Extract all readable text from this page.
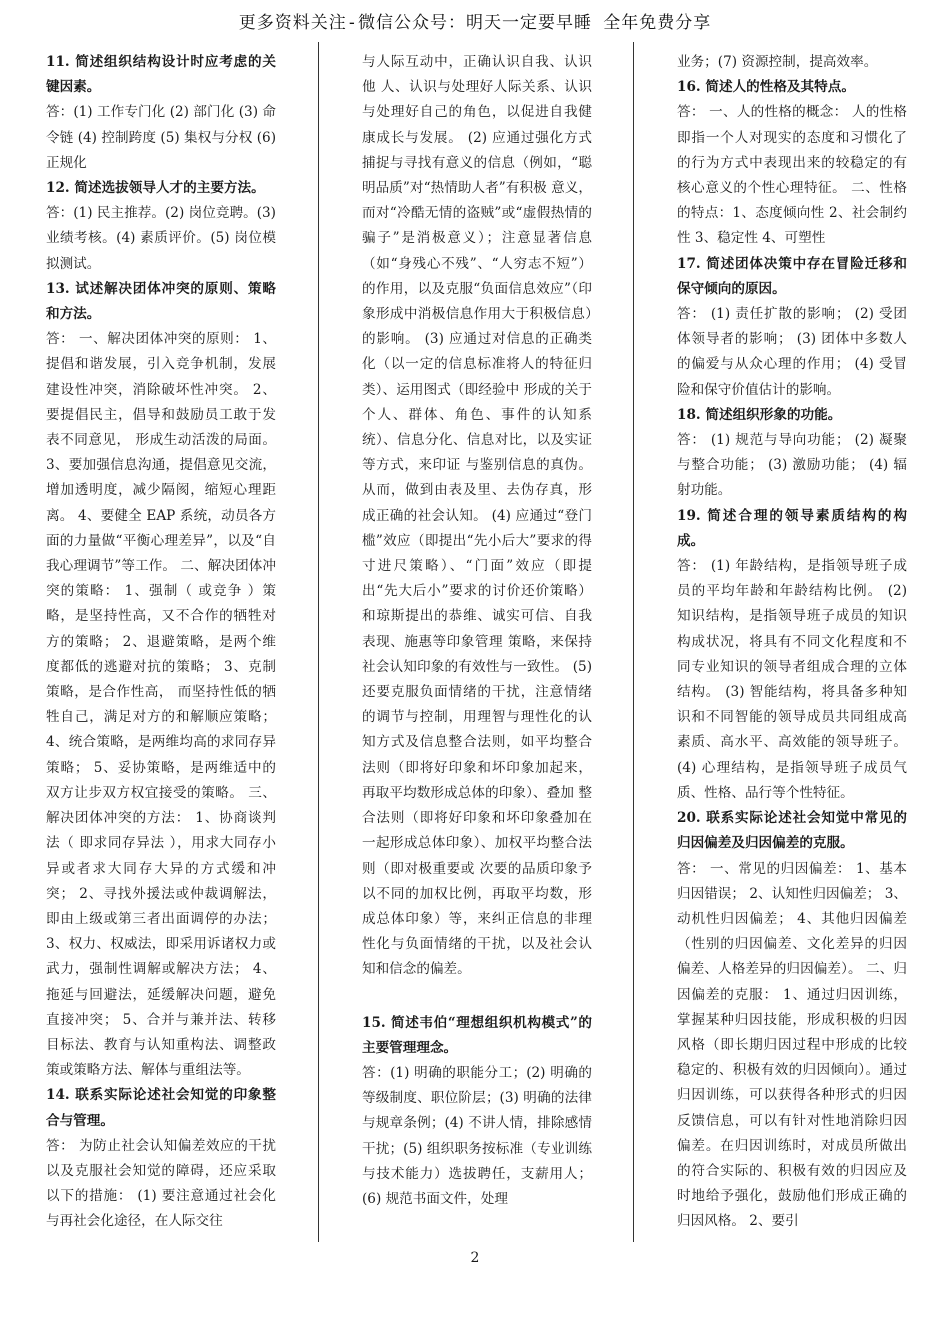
更多资料关注-微信公众号：明天一定要早睡 全年免费分享

11. 简述组织结构设计时应考虑的关键因素。

答：(1) 工作专门化 (2) 部门化 (3) 命令链 (4) 控制跨度 (5) 集权与分权 (6) 正规化

12. 简述选拔领导人才的主要方法。

答：(1) 民主推荐。(2) 岗位竞聘。(3) 业绩考核。(4) 素质评价。(5) 岗位模拟测试。

13. 试述解决团体冲突的原则、策略和方法。

答： 一、解决团体冲突的原则： 1、提倡和谐发展，引入竞争机制，发展建设性冲突，消除破坏性冲突。 2、要提倡民主，倡导和鼓励员工敢于发表不同意见， 形成生动活泼的局面。 3、要加强信息沟通，提倡意见交流，增加透明度，减少隔阂，缩短心理距离。 4、要健全 EAP 系统，动员各方面的力量做“平衡心理差异”，以及“自我心理调节”等工作。 二、解决团体冲突的策略： 1、强制（ 或竞争 ）策略，是坚持性高，又不合作的牺牲对方的策略； 2、退避策略，是两个维度都低的逃避对抗的策略； 3、克制策略，是合作性高， 而坚持性低的牺牲自己，满足对方的和解顺应策略；4、统合策略，是两维均高的求同存异策略； 5、妥协策略，是两维适中的双方让步双方权宜接受的策略。 三、解决团体冲突的方法： 1、协商谈判法（ 即求同存异法 ），用求大同存小异或者求大同存大异的方式缓和冲突； 2、寻找外援法或仲裁调解法，即由上级或第三者出面调停的办法； 3、权力、权威法，即采用诉诸权力或武力，强制性调解或解决方法； 4、拖延与回避法，延缓解决问题，避免直接冲突； 5、合并与兼并法、转移目标法、教育与认知重构法、调整政策或策略方法、解体与重组法等。

14. 联系实际论述社会知觉的印象整合与管理。

答： 为防止社会认知偏差效应的干扰以及克服社会知觉的障碍，还应采取以下的措施： (1) 要注意通过社会化与再社会化途径，在人际交往

与人际互动中，正确认识自我、认识他 人、认识与处理好人际关系、认识与处理好自己的角色，以促进自我健康成长与发展。 (2) 应通过强化方式捕捉与寻找有意义的信息（例如，“聪明品质”对“热情助人者”有积极 意义，而对“冷酷无情的盗贼”或“虚假热情的骗子”是消极意义）；注意显著信息（如“身残心不残”、“人穷志不短”）的作用，以及克服“负面信息效应”（印象形成中消极信息作用大于积极信息）的影响。 (3) 应通过对信息的正确类化（以一定的信息标准将人的特征归类）、运用图式（即经验中 形成的关于个人、群体、角色、事件的认知系统）、信息分化、信息对比，以及实证等方式，来印证 与鉴别信息的真伪。从而，做到由表及里、去伪存真，形成正确的社会认知。 (4) 应通过“登门槛”效应（即提出“先小后大”要求的得寸进尺策略）、“门面”效应（即提 出“先大后小”要求的讨价还价策略）和琼斯提出的恭维、诚实可信、自我表现、施惠等印象管理 策略，来保持社会认知印象的有效性与一致性。 (5) 还要克服负面情绪的干扰，注意情绪的调节与控制，用理智与理性化的认知方式及信息整合法则，如平均整合法则（即将好印象和坏印象加起来，再取平均数形成总体的印象）、叠加 整合法则（即将好印象和坏印象叠加在一起形成总体印象）、加权平均整合法则（即对极重要或 次要的品质印象予以不同的加权比例，再取平均数，形成总体印象）等，来纠正信息的非理性化与负面情绪的干扰，以及社会认知和信念的偏差。

15. 简述韦伯“理想组织机构模式”的主要管理理念。

答：(1) 明确的职能分工；(2) 明确的等级制度、职位阶层；(3) 明确的法律与规章条例；(4) 不讲人情，排除感情干扰；(5) 组织职务按标准（专业训练与技术能力）选拔聘任，支薪用人；(6) 规范书面文件，处理

业务；(7) 资源控制，提高效率。

16. 简述人的性格及其特点。

答： 一、人的性格的概念： 人的性格即指一个人对现实的态度和习惯化了的行为方式中表现出来的较稳定的有核心意义的个性心理特征。 二、性格的特点：1、态度倾向性 2、社会制约性 3、稳定性 4、可塑性

17. 简述团体决策中存在冒险迁移和保守倾向的原因。

答： (1) 责任扩散的影响； (2) 受团体领导者的影响； (3) 团体中多数人的偏爱与从众心理的作用； (4) 受冒险和保守价值估计的影响。

18. 简述组织形象的功能。

答： (1) 规范与导向功能； (2) 凝聚与整合功能； (3) 激励功能； (4) 辐射功能。

19. 简述合理的领导素质结构的构成。

答： (1) 年龄结构，是指领导班子成员的平均年龄和年龄结构比例。 (2) 知识结构，是指领导班子成员的知识构成状况，将具有不同文化程度和不同专业知识的领导者组成合理的立体结构。 (3) 智能结构，将具备多种知识和不同智能的领导成员共同组成高素质、高水平、高效能的领导班子。 (4) 心理结构，是指领导班子成员气质、性格、品行等个性特征。

20. 联系实际论述社会知觉中常见的归因偏差及归因偏差的克服。

答： 一、常见的归因偏差： 1、基本归因错误； 2、认知性归因偏差； 3、动机性归因偏差； 4、其他归因偏差（性别的归因偏差、文化差异的归因偏差、人格差异的归因偏差）。 二、归因偏差的克服： 1、通过归因训练，掌握某种归因技能，形成积极的归因风格（即长期归因过程中形成的比较稳定的、积极有效的归因倾向）。通过归因训练，可以获得各种形式的归因反馈信息，可以有针对性地消除归因偏差。在归因训练时，对成员所做出的符合实际的、积极有效的归因应及时地给予强化，鼓励他们形成正确的归因风格。 2、要引

2
